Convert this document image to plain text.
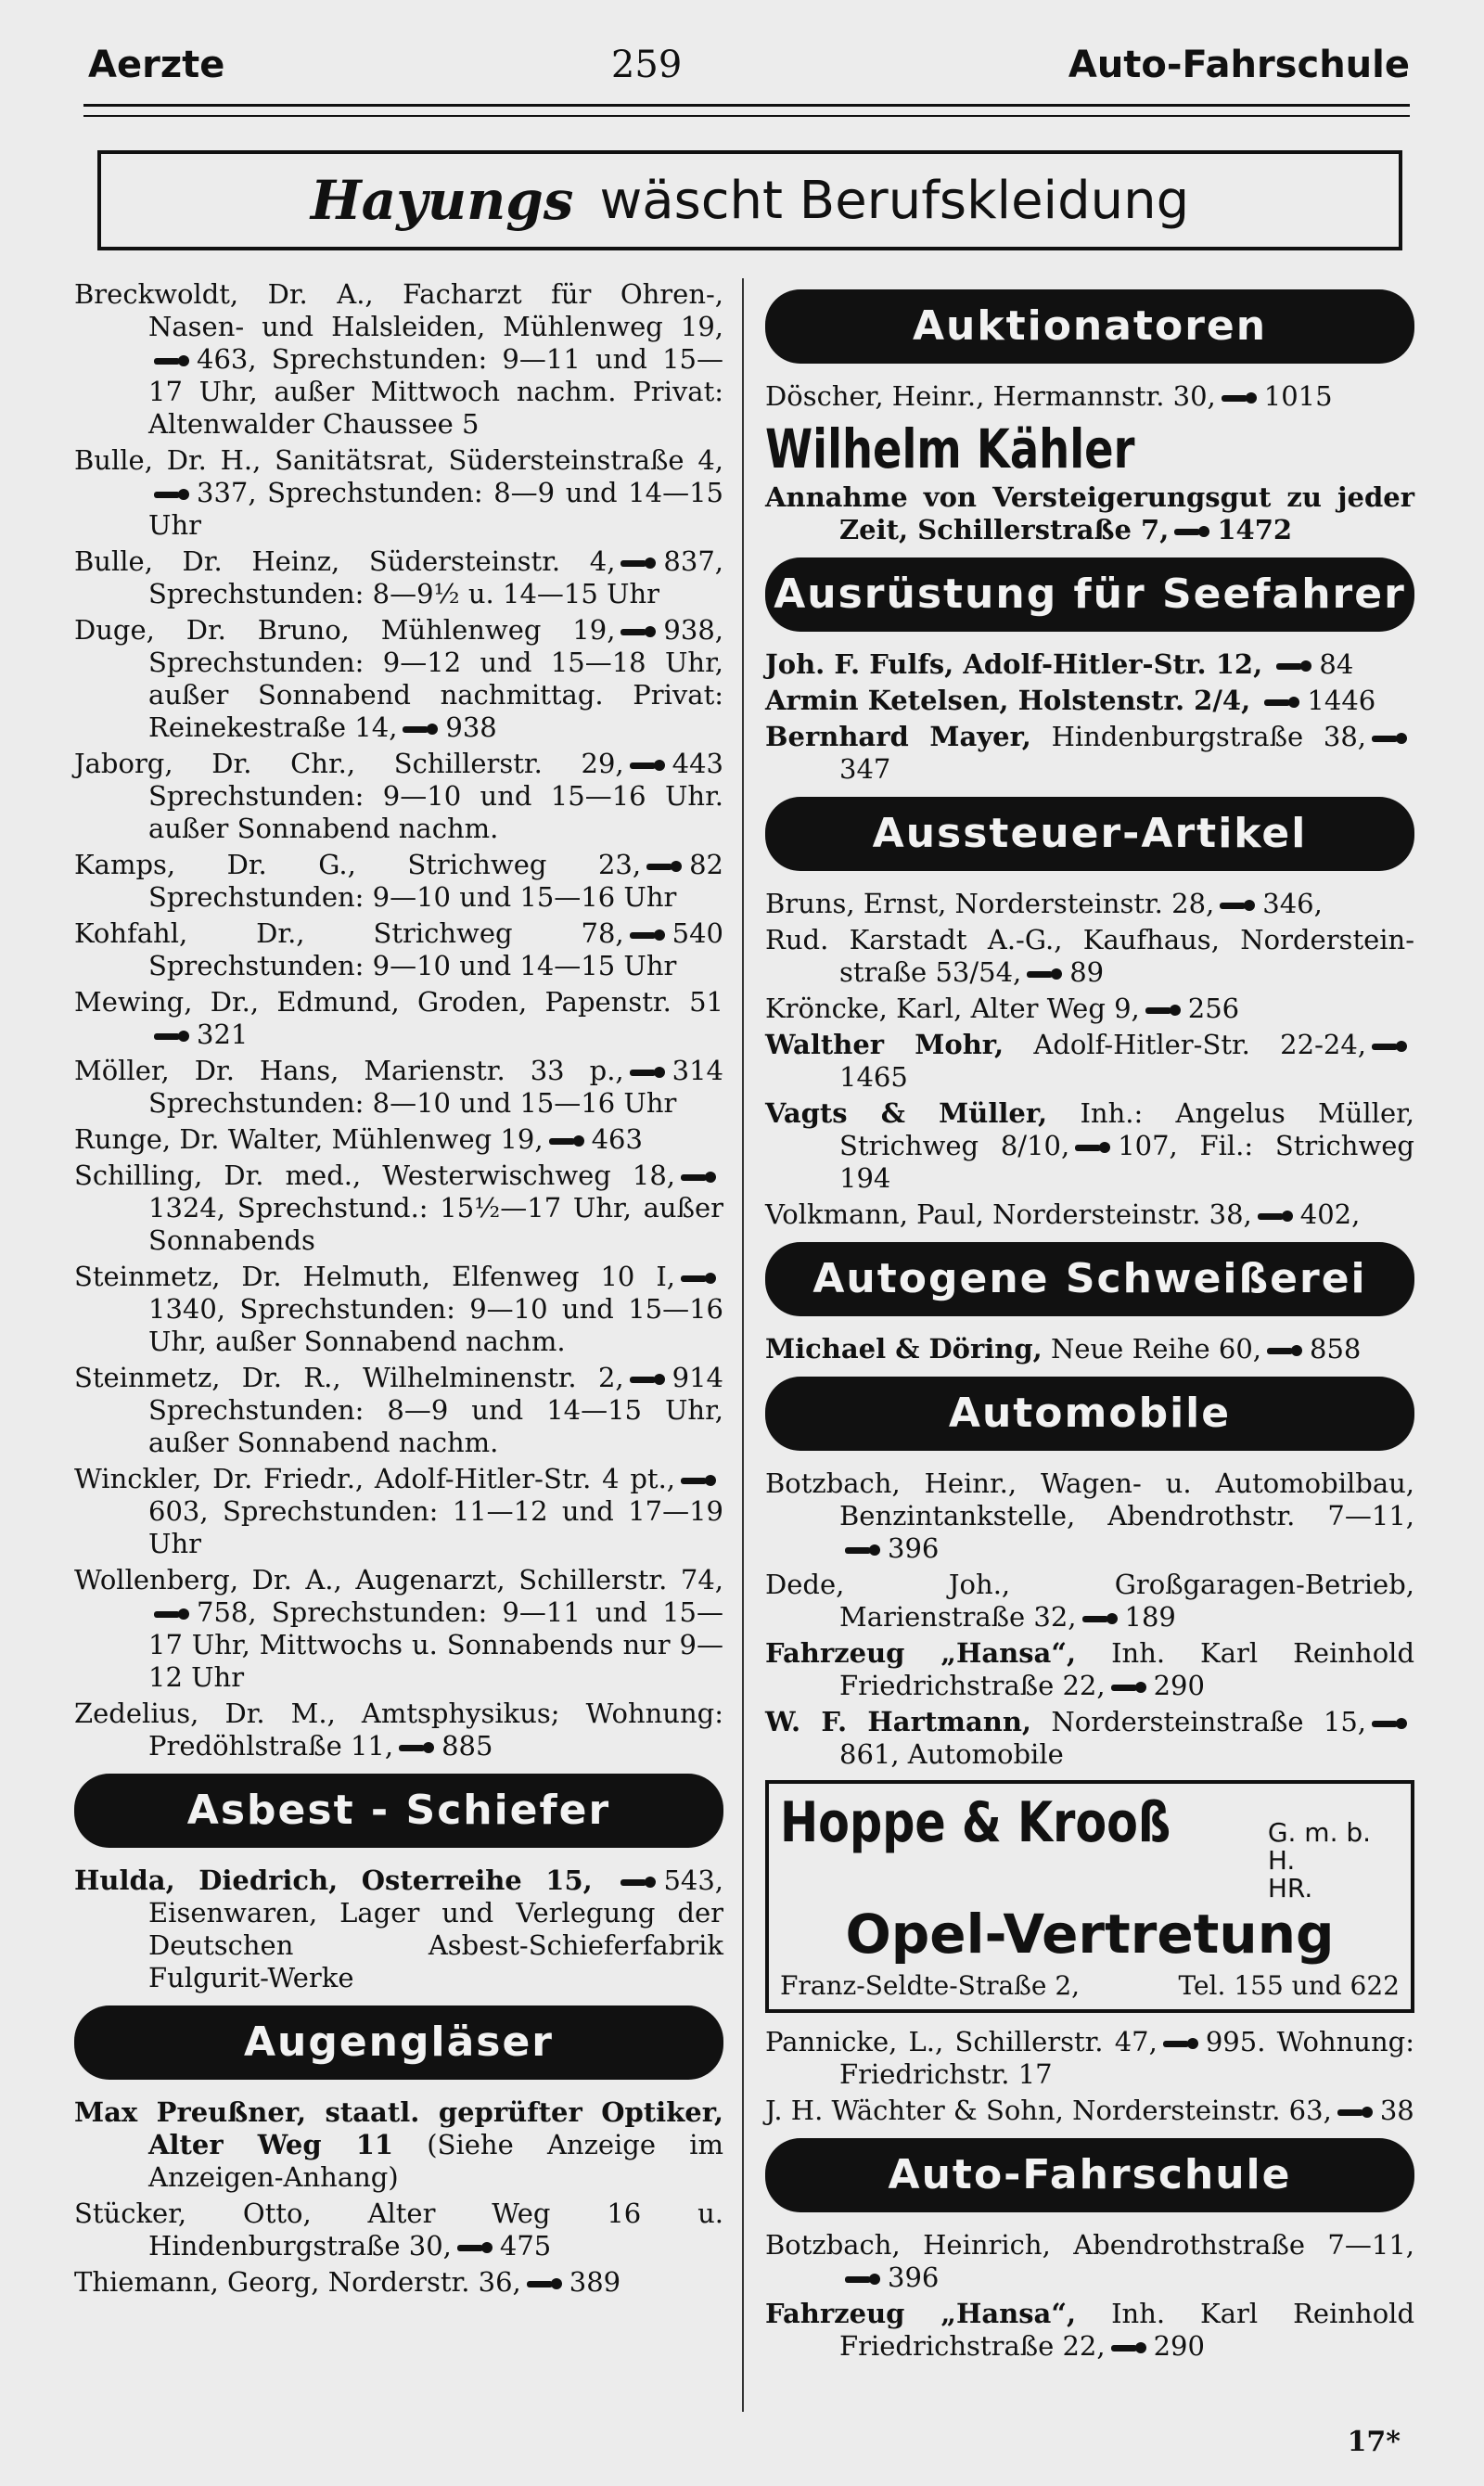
Aerzte	259	Auto-Fahrschule
Hayungs wäscht Berufskleidung
Breckwoldt, Dr. A., Facharzt für Ohren-, Nasen- und Halsleiden, Mühlenweg 19,463, Sprechstunden: 9—11 und 15—17 Uhr, außer Mittwoch nachm. Privat: Altenwalder Chaussee 5
Bulle, Dr. H., Sanitätsrat, Südersteinstraße 4,337, Sprechstunden: 8—9 und 14—15 Uhr
Bulle, Dr. Heinz, Südersteinstr. 4, 837, Sprechstunden: 8—9½ u. 14—15 Uhr
Duge, Dr. Bruno, Mühlenweg 19, 938, Sprechstunden: 9—12 und 15—18 Uhr, außer Sonnabend nachmittag. Privat: Reinekestraße 14, 938
Jaborg, Dr. Chr., Schillerstr. 29, 443 Sprechstunden: 9—10 und 15—16 Uhr. außer Sonnabend nachm.
Kamps, Dr. G., Strichweg 23, 82 Sprechstunden: 9—10 und 15—16 Uhr
Kohfahl, Dr.,	Strichweg 78, 540 Sprechstunden: 9—10 und 14—15 Uhr
Mewing, Dr., Edmund, Groden, Papenstr. 51321
Möller, Dr. Hans, Marienstr. 33 p., 314 Sprechstunden: 8—10 und 15—16 Uhr
Runge, Dr. Walter, Mühlenweg 19, 463
Schilling, Dr. med., Westerwischweg 18,1324, Sprechstund.: 15½—17 Uhr, außer Sonnabends
Steinmetz, Dr. Helmuth, Elfenweg 10 I,1340, Sprechstunden: 9—10 und 15—16 Uhr, außer Sonnabend nachm.
Steinmetz, Dr. R., Wilhelminenstr. 2, 914 Sprechstunden: 8—9 und 14—15 Uhr, außer Sonnabend nachm.
Winckler, Dr. Friedr., Adolf-Hitler-Str. 4 pt.,603, Sprechstunden: 11—12 und 17—19 Uhr
Wollenberg, Dr. A., Augenarzt, Schillerstr. 74,758, Sprechstunden: 9—11 und 15—17 Uhr, Mittwochs u. Sonnabends nur 9—12 Uhr
Zedelius, Dr. M., Amtsphysikus; Wohnung: Predöhlstraße 11, 885
Asbest - Schiefer
Hulda, Diedrich, Osterreihe 15,	543, Eisenwaren, Lager und Verlegung der Deutschen Asbest-Schieferfabrik Fulgurit-Werke
Augengläser
Max Preußner, staatl. geprüfter Optiker, Alter Weg 11 (Siehe Anzeige im Anzeigen-Anhang)
Stücker, Otto, Alter Weg 16 u. Hindenburgstraße 30, 475
Thiemann, Georg, Norderstr. 36, 389
Auktionatoren
Döscher, Heinr., Hermannstr. 30, 1015
Wilhelm Kähler
Annahme von Versteigerungsgut zu jeder Zeit, Schillerstraße 7, 1472
Ausrüstung für Seefahrer
Joh. F. Fulfs, Adolf-Hitler-Str. 12, 84
Armin Ketelsen, Holstenstr. 2/4, 1446
Bernhard Mayer, Hindenburgstraße 38,347
Aussteuer-Artikel
Bruns, Ernst, Nordersteinstr. 28, 346,
Rud. Karstadt A.-G., Kaufhaus, Norderstein-straße 53/54, 89
Kröncke, Karl, Alter Weg 9, 256
Walther Mohr, Adolf-Hitler-Str. 22-24,1465
Vagts & Müller, Inh.: Angelus Müller, Strichweg 8/10, 107, Fil.: Strichweg 194
Volkmann, Paul, Nordersteinstr. 38, 402,
Autogene Schweißerei
Michael & Döring, Neue Reihe 60, 858
Automobile
Botzbach, Heinr., Wagen- u. Automobilbau, Benzintankstelle, Abendrothstr. 7—11,396
Dede, Joh.,	Großgaragen-Betrieb, Marienstraße 32, 189
Fahrzeug „Hansa“, Inh. Karl Reinhold Friedrichstraße 22, 290
W. F. Hartmann, Nordersteinstraße 15,861, Automobile
Hoppe & Krooß	G. m. b. H.
HR.
Opel-Vertretung
Franz-Seldte-Straße 2,	Tel. 155 und 622
Pannicke, L., Schillerstr. 47, 995. Wohnung: Friedrichstr. 17
J. H. Wächter & Sohn, Nordersteinstr. 63, 38
Auto-Fahrschule
Botzbach, Heinrich, Abendrothstraße 7—11,396
Fahrzeug „Hansa“, Inh. Karl Reinhold Friedrichstraße 22, 290
17*
